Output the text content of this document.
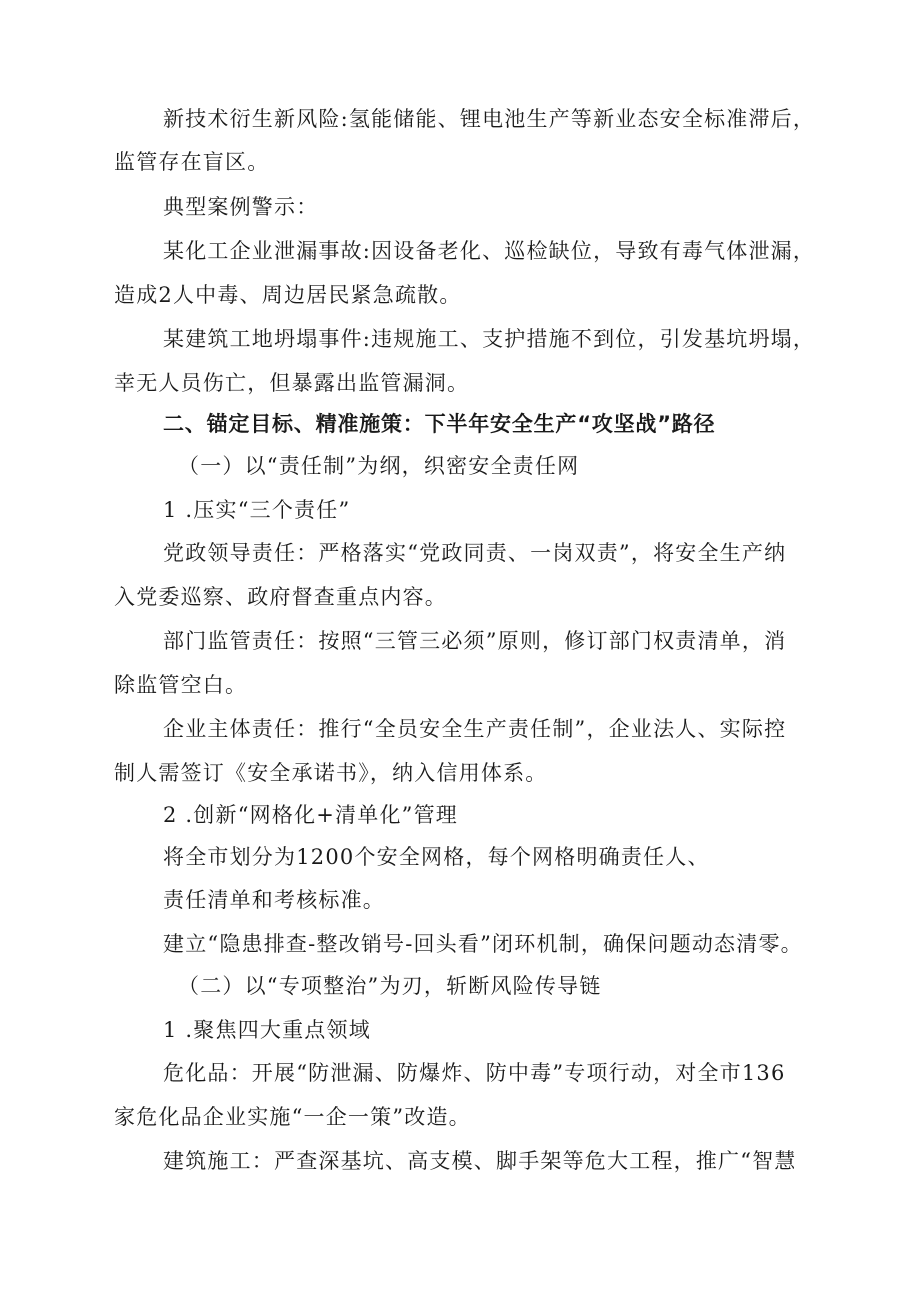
新技术衍生新风险:氢能储能、锂电池生产等新业态安全标准滞后，

监管存在盲区。

典型案例警示：

某化工企业泄漏事故:因设备老化、巡检缺位，导致有毒气体泄漏，

造成2人中毒、周边居民紧急疏散。

某建筑工地坍塌事件:违规施工、支护措施不到位，引发基坑坍塌，

幸无人员伤亡，但暴露出监管漏洞。

二、锚定目标、精准施策：下半年安全生产“攻坚战”路径

（一）以“责任制”为纲，织密安全责任网

1 .压实“三个责任”

党政领导责任：严格落实“党政同责、一岗双责”，将安全生产纳

入党委巡察、政府督查重点内容。

部门监管责任：按照“三管三必须”原则，修订部门权责清单，消

除监管空白。

企业主体责任：推行“全员安全生产责任制”，企业法人、实际控

制人需签订《安全承诺书》，纳入信用体系。

2 .创新“网格化+清单化”管理

将全市划分为1200个安全网格，每个网格明确责任人、

责任清单和考核标准。

建立“隐患排查-整改销号-回头看”闭环机制，确保问题动态清零。

（二）以“专项整治”为刃，斩断风险传导链

1 .聚焦四大重点领域

危化品：开展“防泄漏、防爆炸、防中毒”专项行动，对全市136

家危化品企业实施“一企一策”改造。

建筑施工：严查深基坑、高支模、脚手架等危大工程，推广“智慧
